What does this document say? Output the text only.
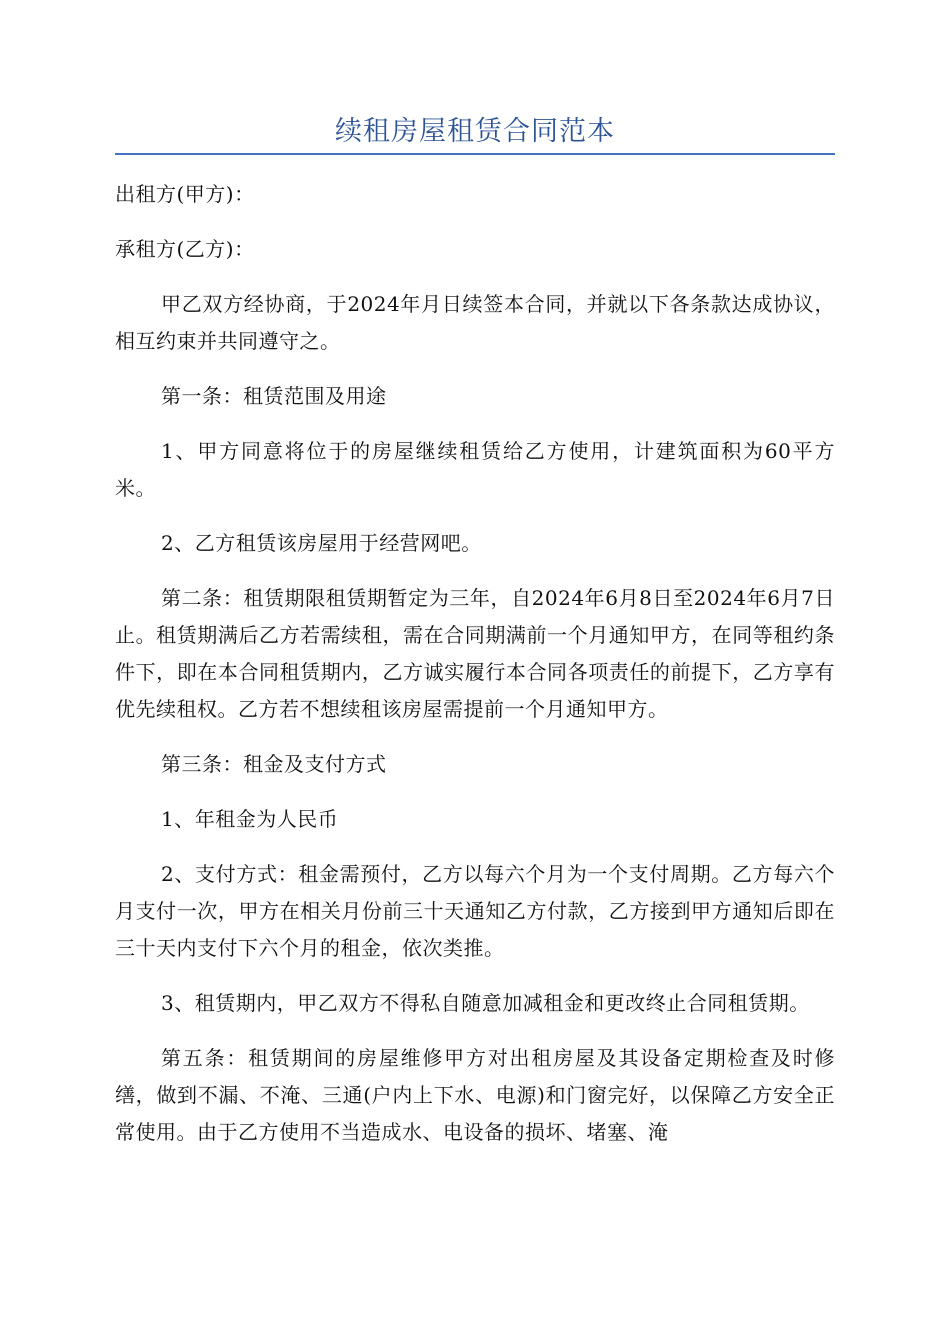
续租房屋租赁合同范本

出租方(甲方)：

承租方(乙方)：

甲乙双方经协商，于2024年月日续签本合同，并就以下各条款达成协议，相互约束并共同遵守之。

第一条：租赁范围及用途

1、甲方同意将位于的房屋继续租赁给乙方使用，计建筑面积为60平方米。

2、乙方租赁该房屋用于经营网吧。

第二条：租赁期限租赁期暂定为三年，自2024年6月8日至2024年6月7日止。租赁期满后乙方若需续租，需在合同期满前一个月通知甲方，在同等租约条件下，即在本合同租赁期内，乙方诚实履行本合同各项责任的前提下，乙方享有优先续租权。乙方若不想续租该房屋需提前一个月通知甲方。

第三条：租金及支付方式

1、年租金为人民币

2、支付方式：租金需预付，乙方以每六个月为一个支付周期。乙方每六个月支付一次，甲方在相关月份前三十天通知乙方付款，乙方接到甲方通知后即在三十天内支付下六个月的租金，依次类推。

3、租赁期内，甲乙双方不得私自随意加减租金和更改终止合同租赁期。

第五条：租赁期间的房屋维修甲方对出租房屋及其设备定期检查及时修缮，做到不漏、不淹、三通(户内上下水、电源)和门窗完好，以保障乙方安全正常使用。由于乙方使用不当造成水、电设备的损坏、堵塞、淹
